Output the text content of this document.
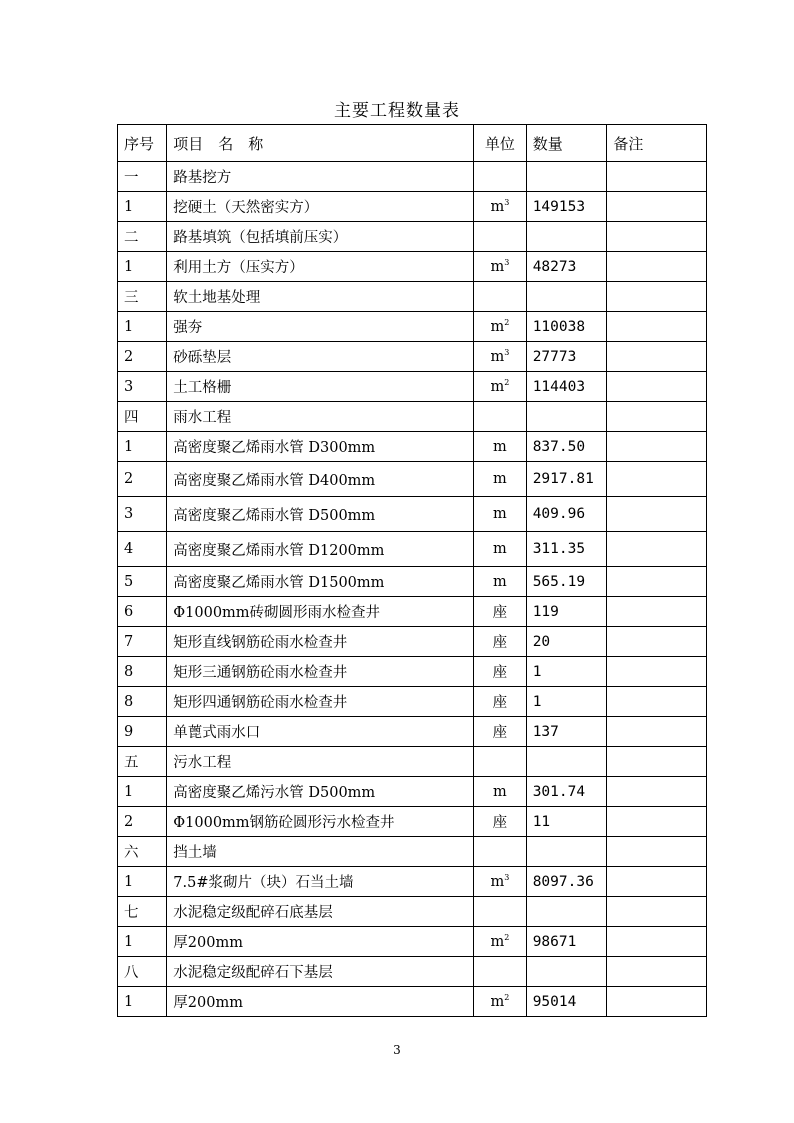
主要工程数量表
序号	项目　名　称	单位	数量	备注
一	路基挖方			
1	挖硬土（天然密实方）	$m^3$	149153	
二	路基填筑（包括填前压实）			
1	利用土方（压实方）	$m^3$	48273	
三	软土地基处理			
1	强夯	$m^2$	110038	
2	砂砾垫层	$m^3$	27773	
3	土工格栅	$m^2$	114403	
四	雨水工程			
1	高密度聚乙烯雨水管 D300mm	m	837.50	
2	高密度聚乙烯雨水管 D400mm	m	2917.81	
3	高密度聚乙烯雨水管 D500mm	m	409.96	
4	高密度聚乙烯雨水管 D1200mm	m	311.35	
5	高密度聚乙烯雨水管 D1500mm	m	565.19	
6	Φ1000mm砖砌圆形雨水检查井	座	119	
7	矩形直线钢筋砼雨水检查井	座	20	
8	矩形三通钢筋砼雨水检查井	座	1	
8	矩形四通钢筋砼雨水检查井	座	1	
9	单蓖式雨水口	座	137	
五	污水工程			
1	高密度聚乙烯污水管 D500mm	m	301.74	
2	Φ1000mm钢筋砼圆形污水检查井	座	11	
六	挡土墙			
1	7.5#浆砌片（块）石当土墙	$m^3$	8097.36	
七	水泥稳定级配碎石底基层			
1	厚200mm	$m^2$	98671	
八	水泥稳定级配碎石下基层			
1	厚200mm	$m^2$	95014	
3
